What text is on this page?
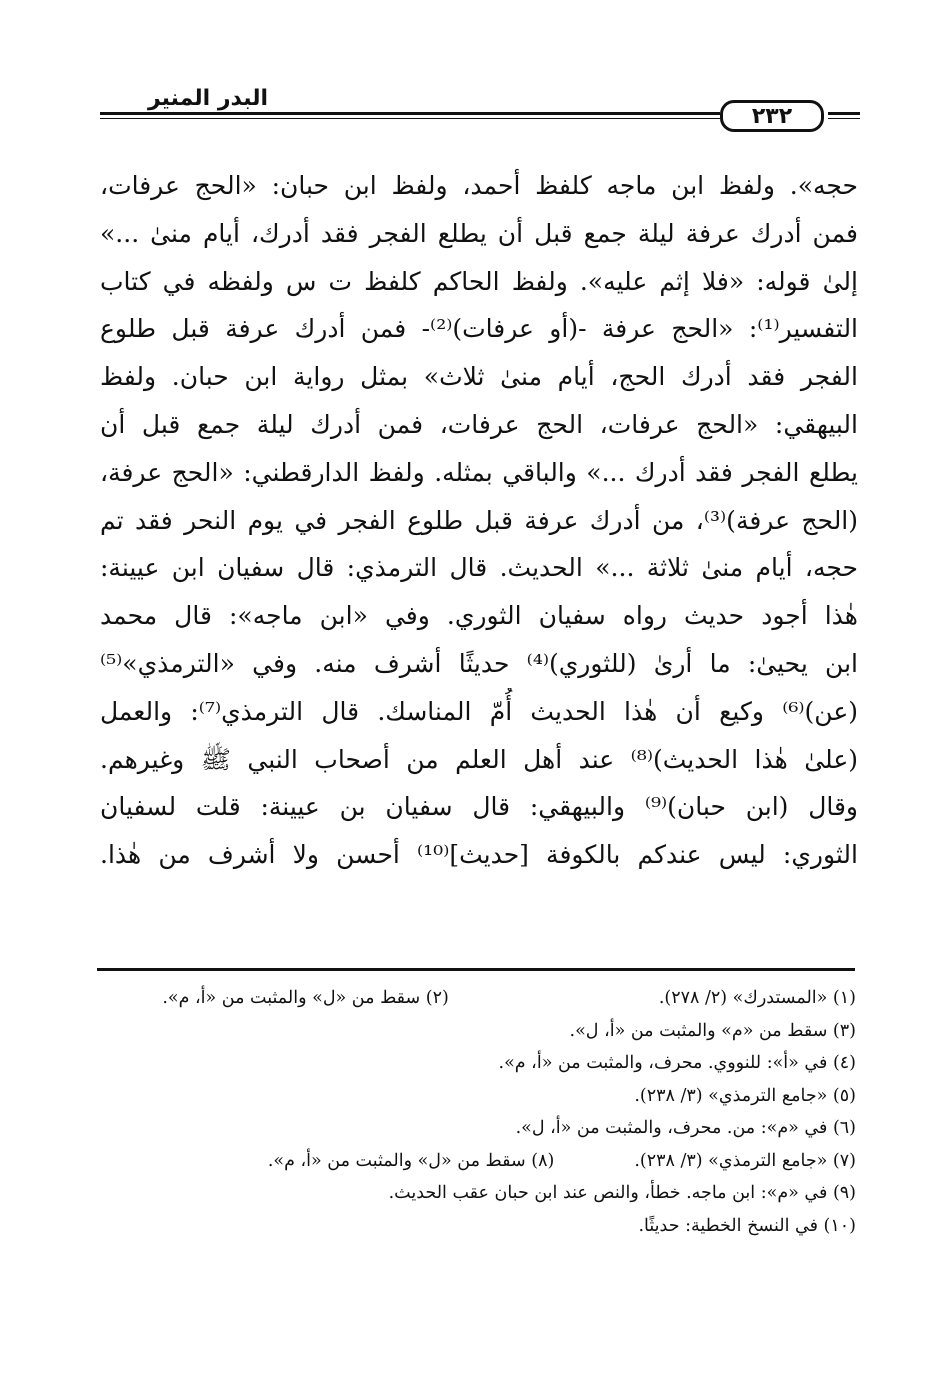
٢٣٢
البدر المنير
حجه». ولفظ ابن ماجه كلفظ أحمد، ولفظ ابن حبان: «الحج عرفات،
فمن أدرك عرفة ليلة جمع قبل أن يطلع الفجر فقد أدرك، أيام منىٰ ...»
إلىٰ قوله: «فلا إثم عليه». ولفظ الحاكم كلفظ ت س ولفظه في كتاب
التفسير⁽¹⁾: «الحج عرفة -(أو عرفات)⁽²⁾- فمن أدرك عرفة قبل طلوع
الفجر فقد أدرك الحج، أيام منىٰ ثلاث» بمثل رواية ابن حبان. ولفظ
البيهقي: «الحج عرفات، الحج عرفات، فمن أدرك ليلة جمع قبل أن
يطلع الفجر فقد أدرك ...» والباقي بمثله. ولفظ الدارقطني: «الحج عرفة،
(الحج عرفة)⁽³⁾، من أدرك عرفة قبل طلوع الفجر في يوم النحر فقد تم
حجه، أيام منىٰ ثلاثة ...» الحديث. قال الترمذي: قال سفيان ابن عيينة:
هٰذا أجود حديث رواه سفيان الثوري. وفي «ابن ماجه»: قال محمد
ابن يحيىٰ: ما أرىٰ (للثوري)⁽⁴⁾ حديثًا أشرف منه. وفي «الترمذي»⁽⁵⁾
(عن)⁽⁶⁾ وكيع أن هٰذا الحديث أُمّ المناسك. قال الترمذي⁽⁷⁾: والعمل
(علىٰ هٰذا الحديث)⁽⁸⁾ عند أهل العلم من أصحاب النبي ﷺ وغيرهم.
وقال (ابن حبان)⁽⁹⁾ والبيهقي: قال سفيان بن عيينة: قلت لسفيان
الثوري: ليس عندكم بالكوفة [حديث]⁽¹⁰⁾ أحسن ولا أشرف من هٰذا.
(١) «المستدرك» (٢/ ٢٧٨).
(٢) سقط من «ل» والمثبت من «أ، م».
(٣) سقط من «م» والمثبت من «أ، ل».
(٤) في «أ»: للنووي. محرف، والمثبت من «أ، م».
(٥) «جامع الترمذي» (٣/ ٢٣٨).
(٦) في «م»: من. محرف، والمثبت من «أ، ل».
(٧) «جامع الترمذي» (٣/ ٢٣٨).
(٨) سقط من «ل» والمثبت من «أ، م».
(٩) في «م»: ابن ماجه. خطأ، والنص عند ابن حبان عقب الحديث.
(١٠) في النسخ الخطية: حديثًا.
